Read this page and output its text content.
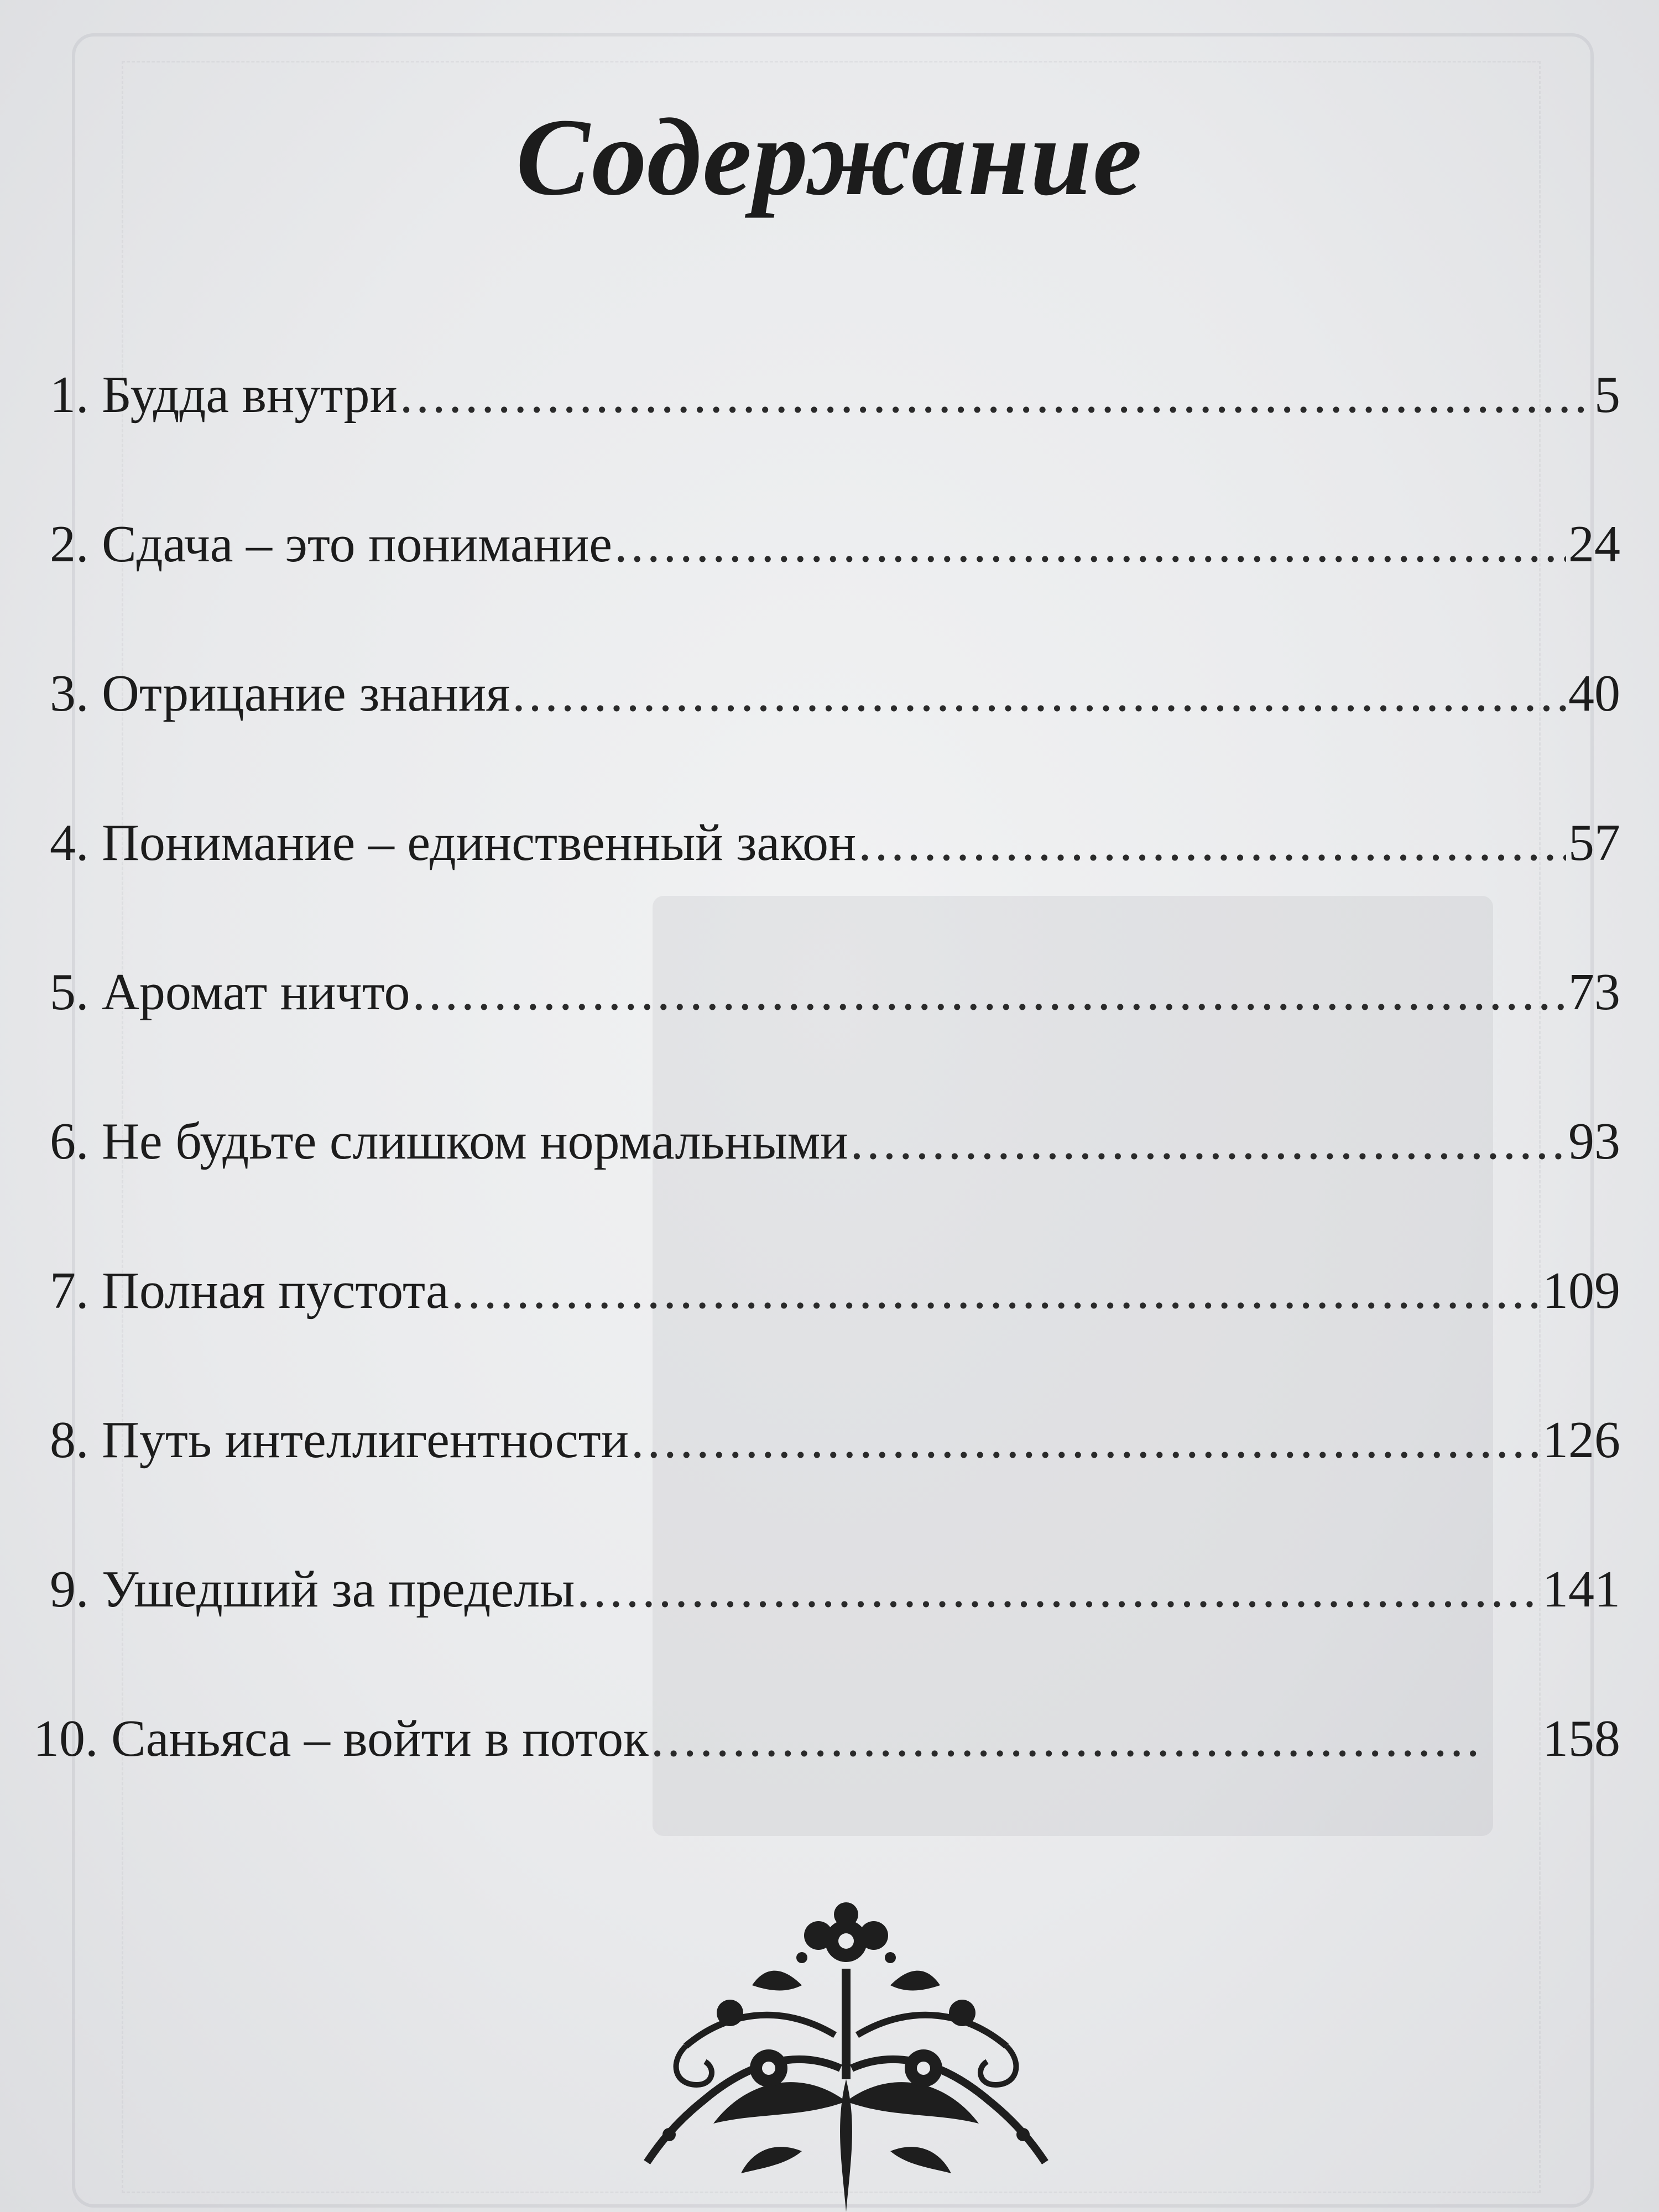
Содержание
1. Будда внутри .....	5
2. Сдача – это понимание .....	24
3. Отрицание знания .....	40
4. Понимание – единственный закон .....	57
5. Аромат ничто .....	73
6. Не будьте слишком нормальными .....	93
7. Полная пустота .....	109
8. Путь интеллигентности .....	126
9. Ушедший за пределы .....	141
10. Саньяса – войти в поток .....	158
